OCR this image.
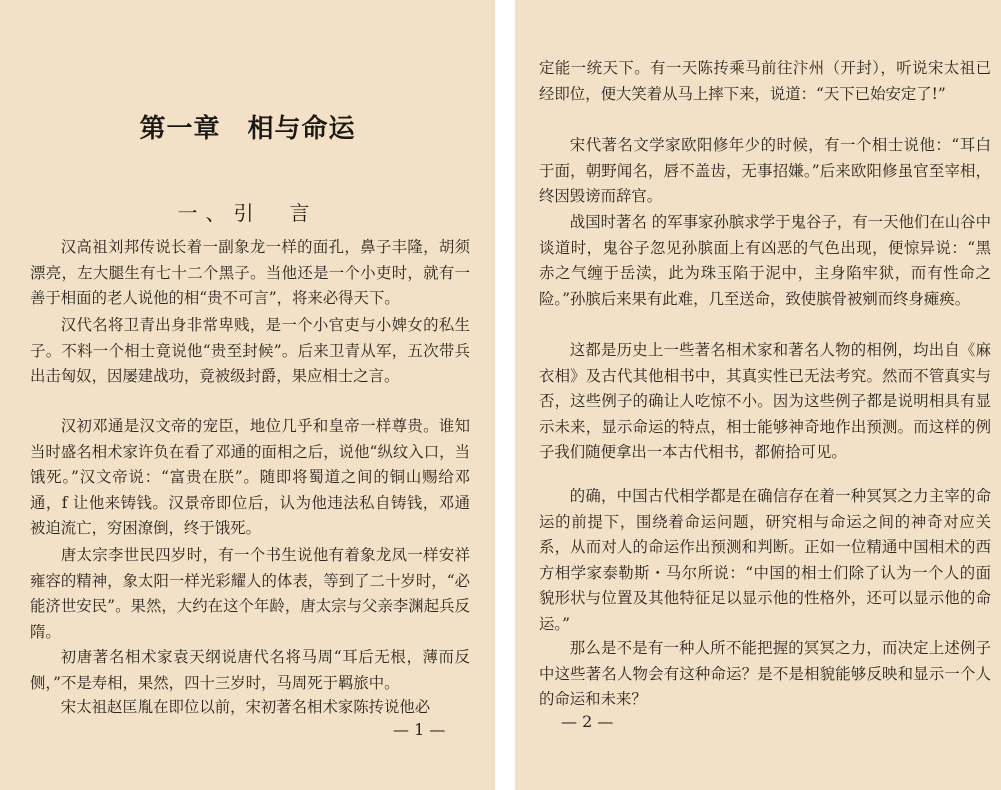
第一章　相与命运
一、引　言

汉高祖刘邦传说长着一副象龙一样的面孔，鼻子丰隆，胡须漂亮，左大腿生有七十二个黑子。当他还是一个小吏时，就有一善于相面的老人说他的相“贵不可言”，将来必得天下。

汉代名将卫青出身非常卑贱，是一个小官吏与小婢女的私生子。不料一个相士竟说他“贵至封候”。后来卫青从军，五次带兵出击匈奴，因屡建战功，竟被级封爵，果应相士之言。

汉初邓通是汉文帝的宠臣，地位几乎和皇帝一样尊贵。谁知当时盛名相术家许负在看了邓通的面相之后，说他“纵纹入口，当饿死。”汉文帝说：“富贵在朕”。随即将蜀道之间的铜山赐给邓通，f 让他来铸钱。汉景帝即位后，认为他违法私自铸钱，邓通被迫流亡，穷困潦倒，终于饿死。

唐太宗李世民四岁时，有一个书生说他有着象龙凤一样安祥雍容的精神，象太阳一样光彩耀人的体表，等到了二十岁时，“必能济世安民”。果然，大约在这个年龄，唐太宗与父亲李渊起兵反隋。

初唐著名相术家袁天纲说唐代名将马周“耳后无根，薄而反侧，”不是寿相，果然，四十三岁时，马周死于羁旅中。

宋太祖赵匡胤在即位以前，宋初著名相术家陈抟说他必

— 1 —

定能一统天下。有一天陈抟乘马前往汴州（开封），听说宋太祖已经即位，便大笑着从马上摔下来，说道：“天下已始安定了!”

宋代著名文学家欧阳修年少的时候，有一个相士说他：“耳白于面，朝野闻名，唇不盖齿，无事招嫌。”后来欧阳修虽官至宰相，终因毁谤而辞官。

战国时著名 的军事家孙膑求学于鬼谷子，有一天他们在山谷中谈道时，鬼谷子忽见孙膑面上有凶恶的气色出现，便惊异说：“黑赤之气缠于岳渎，此为珠玉陷于泥中，主身陷牢狱，而有性命之险。”孙膑后来果有此难，几至送命，致使膑骨被剜而终身瘫痪。

这都是历史上一些著名相术家和著名人物的相例，均出自《麻衣相》及古代其他相书中，其真实性已无法考究。然而不管真实与否，这些例子的确让人吃惊不小。因为这些例子都是说明相具有显示未来，显示命运的特点，相士能够神奇地作出预测。而这样的例子我们随便拿出一本古代相书，都俯拾可见。

的确，中国古代相学都是在确信存在着一种冥冥之力主宰的命运的前提下，围绕着命运问题，研究相与命运之间的神奇对应关系，从而对人的命运作出预测和判断。正如一位精通中国相术的西方相学家泰勒斯・马尔所说：“中国的相士们除了认为一个人的面貌形状与位置及其他特征足以显示他的性格外，还可以显示他的命运。”

那么是不是有一种人所不能把握的冥冥之力，而决定上述例子中这些著名人物会有这种命运？是不是相貌能够反映和显示一个人的命运和未来？

— 2 —
